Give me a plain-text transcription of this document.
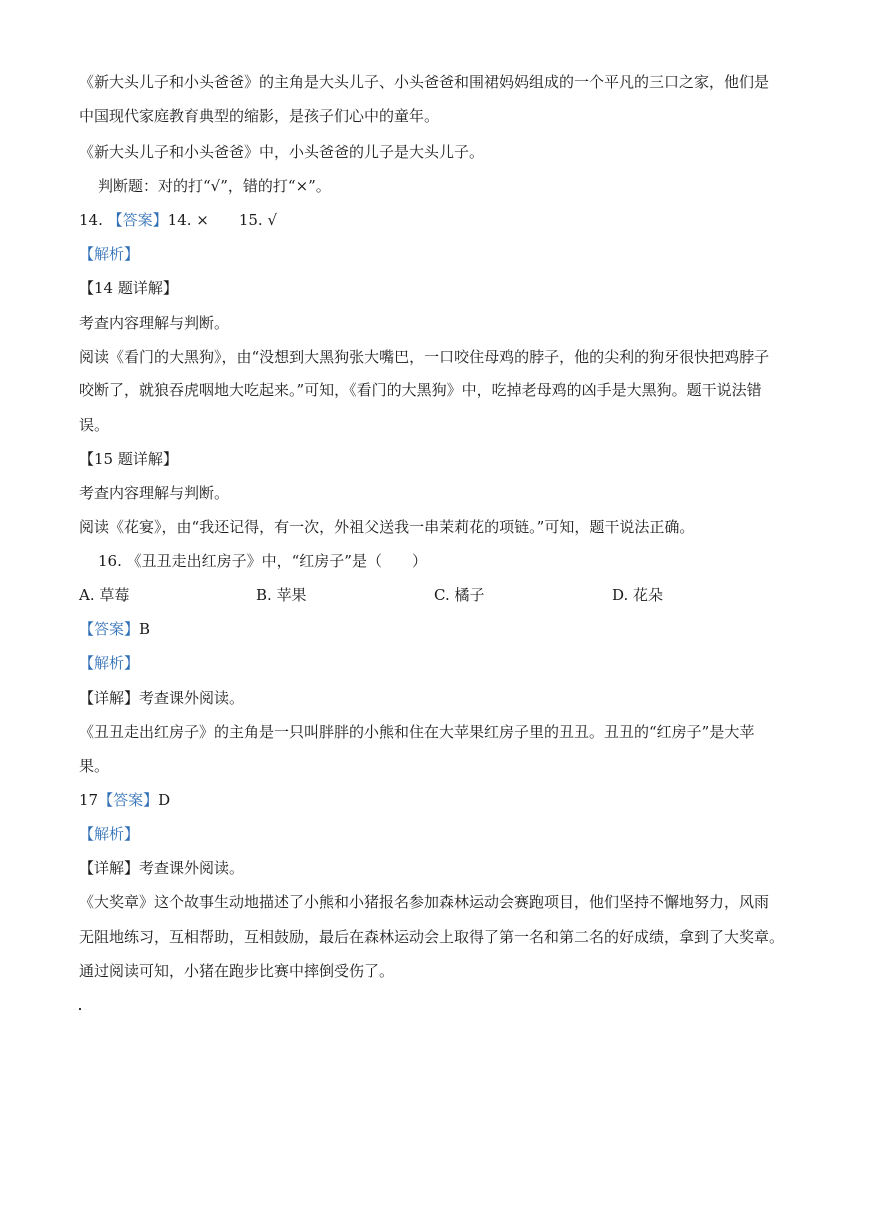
《新大头儿子和小头爸爸》的主角是大头儿子、小头爸爸和围裙妈妈组成的一个平凡的三口之家，他们是
中国现代家庭教育典型的缩影，是孩子们心中的童年。
《新大头儿子和小头爸爸》中，小头爸爸的儿子是大头儿子。
判断题：对的打“√”，错的打“×”。
14. 【答案】14. ×　　15. √
【解析】
【14 题详解】
考查内容理解与判断。
阅读《看门的大黑狗》，由“没想到大黑狗张大嘴巴，一口咬住母鸡的脖子，他的尖利的狗牙很快把鸡脖子
咬断了，就狼吞虎咽地大吃起来。”可知，《看门的大黑狗》中，吃掉老母鸡的凶手是大黑狗。题干说法错
误。
【15 题详解】
考查内容理解与判断。
阅读《花宴》，由“我还记得，有一次，外祖父送我一串茉莉花的项链。”可知，题干说法正确。
16. 《丑丑走出红房子》中，“红房子”是（　　）
A. 草莓	B. 苹果	C. 橘子	D. 花朵
【答案】B
【解析】
【详解】考查课外阅读。
《丑丑走出红房子》的主角是一只叫胖胖的小熊和住在大苹果红房子里的丑丑。丑丑的“红房子”是大苹
果。
17【答案】D
【解析】
【详解】考查课外阅读。
《大奖章》这个故事生动地描述了小熊和小猪报名参加森林运动会赛跑项目，他们坚持不懈地努力，风雨
无阻地练习，互相帮助，互相鼓励，最后在森林运动会上取得了第一名和第二名的好成绩，拿到了大奖章。
通过阅读可知，小猪在跑步比赛中摔倒受伤了。
